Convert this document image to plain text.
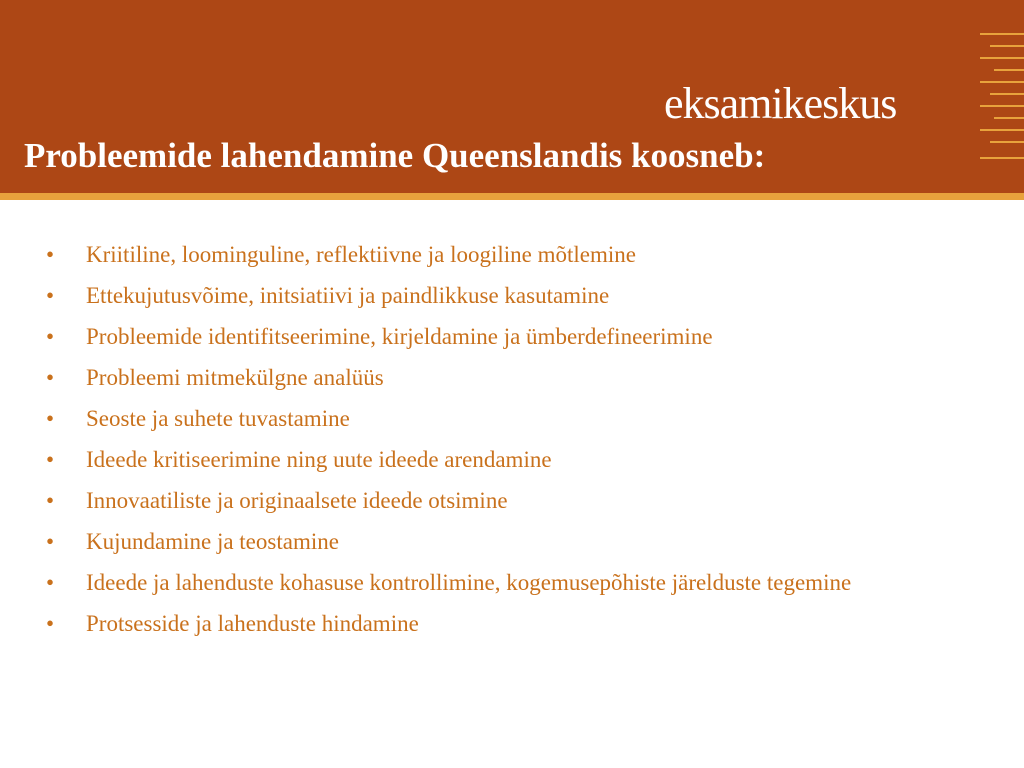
eksamikeskus
Probleemide lahendamine Queenslandis koosneb:
•	Kriitiline, loominguline, reflektiivne ja loogiline mõtlemine
•	Ettekujutusvõime, initsiatiivi ja paindlikkuse kasutamine
•	Probleemide identifitseerimine, kirjeldamine ja ümberdefineerimine
•	Probleemi mitmekülgne analüüs
•	Seoste ja suhete tuvastamine
•	Ideede kritiseerimine ning uute ideede arendamine
•	Innovaatiliste ja originaalsete ideede otsimine
•	Kujundamine ja teostamine
•	Ideede ja lahenduste kohasuse kontrollimine, kogemusepõhiste järelduste tegemine
•	Protsesside ja lahenduste hindamine
